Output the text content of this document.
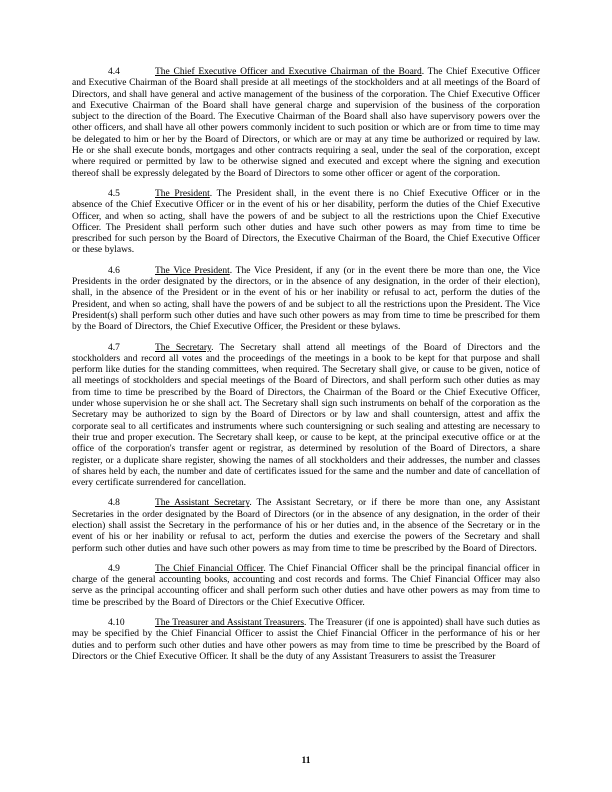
4.4	The Chief Executive Officer and Executive Chairman of the Board. The Chief Executive Officer and Executive Chairman of the Board shall preside at all meetings of the stockholders and at all meetings of the Board of Directors, and shall have general and active management of the business of the corporation. The Chief Executive Officer and Executive Chairman of the Board shall have general charge and supervision of the business of the corporation subject to the direction of the Board. The Executive Chairman of the Board shall also have supervisory powers over the other officers, and shall have all other powers commonly incident to such position or which are or from time to time may be delegated to him or her by the Board of Directors, or which are or may at any time be authorized or required by law. He or she shall execute bonds, mortgages and other contracts requiring a seal, under the seal of the corporation, except where required or permitted by law to be otherwise signed and executed and except where the signing and execution thereof shall be expressly delegated by the Board of Directors to some other officer or agent of the corporation.

4.5	The President. The President shall, in the event there is no Chief Executive Officer or in the absence of the Chief Executive Officer or in the event of his or her disability, perform the duties of the Chief Executive Officer, and when so acting, shall have the powers of and be subject to all the restrictions upon the Chief Executive Officer. The President shall perform such other duties and have such other powers as may from time to time be prescribed for such person by the Board of Directors, the Executive Chairman of the Board, the Chief Executive Officer or these bylaws.

4.6	The Vice President. The Vice President, if any (or in the event there be more than one, the Vice Presidents in the order designated by the directors, or in the absence of any designation, in the order of their election), shall, in the absence of the President or in the event of his or her inability or refusal to act, perform the duties of the President, and when so acting, shall have the powers of and be subject to all the restrictions upon the President. The Vice President(s) shall perform such other duties and have such other powers as may from time to time be prescribed for them by the Board of Directors, the Chief Executive Officer, the President or these bylaws.

4.7	The Secretary. The Secretary shall attend all meetings of the Board of Directors and the stockholders and record all votes and the proceedings of the meetings in a book to be kept for that purpose and shall perform like duties for the standing committees, when required. The Secretary shall give, or cause to be given, notice of all meetings of stockholders and special meetings of the Board of Directors, and shall perform such other duties as may from time to time be prescribed by the Board of Directors, the Chairman of the Board or the Chief Executive Officer, under whose supervision he or she shall act. The Secretary shall sign such instruments on behalf of the corporation as the Secretary may be authorized to sign by the Board of Directors or by law and shall countersign, attest and affix the corporate seal to all certificates and instruments where such countersigning or such sealing and attesting are necessary to their true and proper execution. The Secretary shall keep, or cause to be kept, at the principal executive office or at the office of the corporation's transfer agent or registrar, as determined by resolution of the Board of Directors, a share register, or a duplicate share register, showing the names of all stockholders and their addresses, the number and classes of shares held by each, the number and date of certificates issued for the same and the number and date of cancellation of every certificate surrendered for cancellation.

4.8	The Assistant Secretary. The Assistant Secretary, or if there be more than one, any Assistant Secretaries in the order designated by the Board of Directors (or in the absence of any designation, in the order of their election) shall assist the Secretary in the performance of his or her duties and, in the absence of the Secretary or in the event of his or her inability or refusal to act, perform the duties and exercise the powers of the Secretary and shall perform such other duties and have such other powers as may from time to time be prescribed by the Board of Directors.

4.9	The Chief Financial Officer. The Chief Financial Officer shall be the principal financial officer in charge of the general accounting books, accounting and cost records and forms. The Chief Financial Officer may also serve as the principal accounting officer and shall perform such other duties and have other powers as may from time to time be prescribed by the Board of Directors or the Chief Executive Officer.

4.10	The Treasurer and Assistant Treasurers. The Treasurer (if one is appointed) shall have such duties as may be specified by the Chief Financial Officer to assist the Chief Financial Officer in the performance of his or her duties and to perform such other duties and have other powers as may from time to time be prescribed by the Board of Directors or the Chief Executive Officer. It shall be the duty of any Assistant Treasurers to assist the Treasurer

11
